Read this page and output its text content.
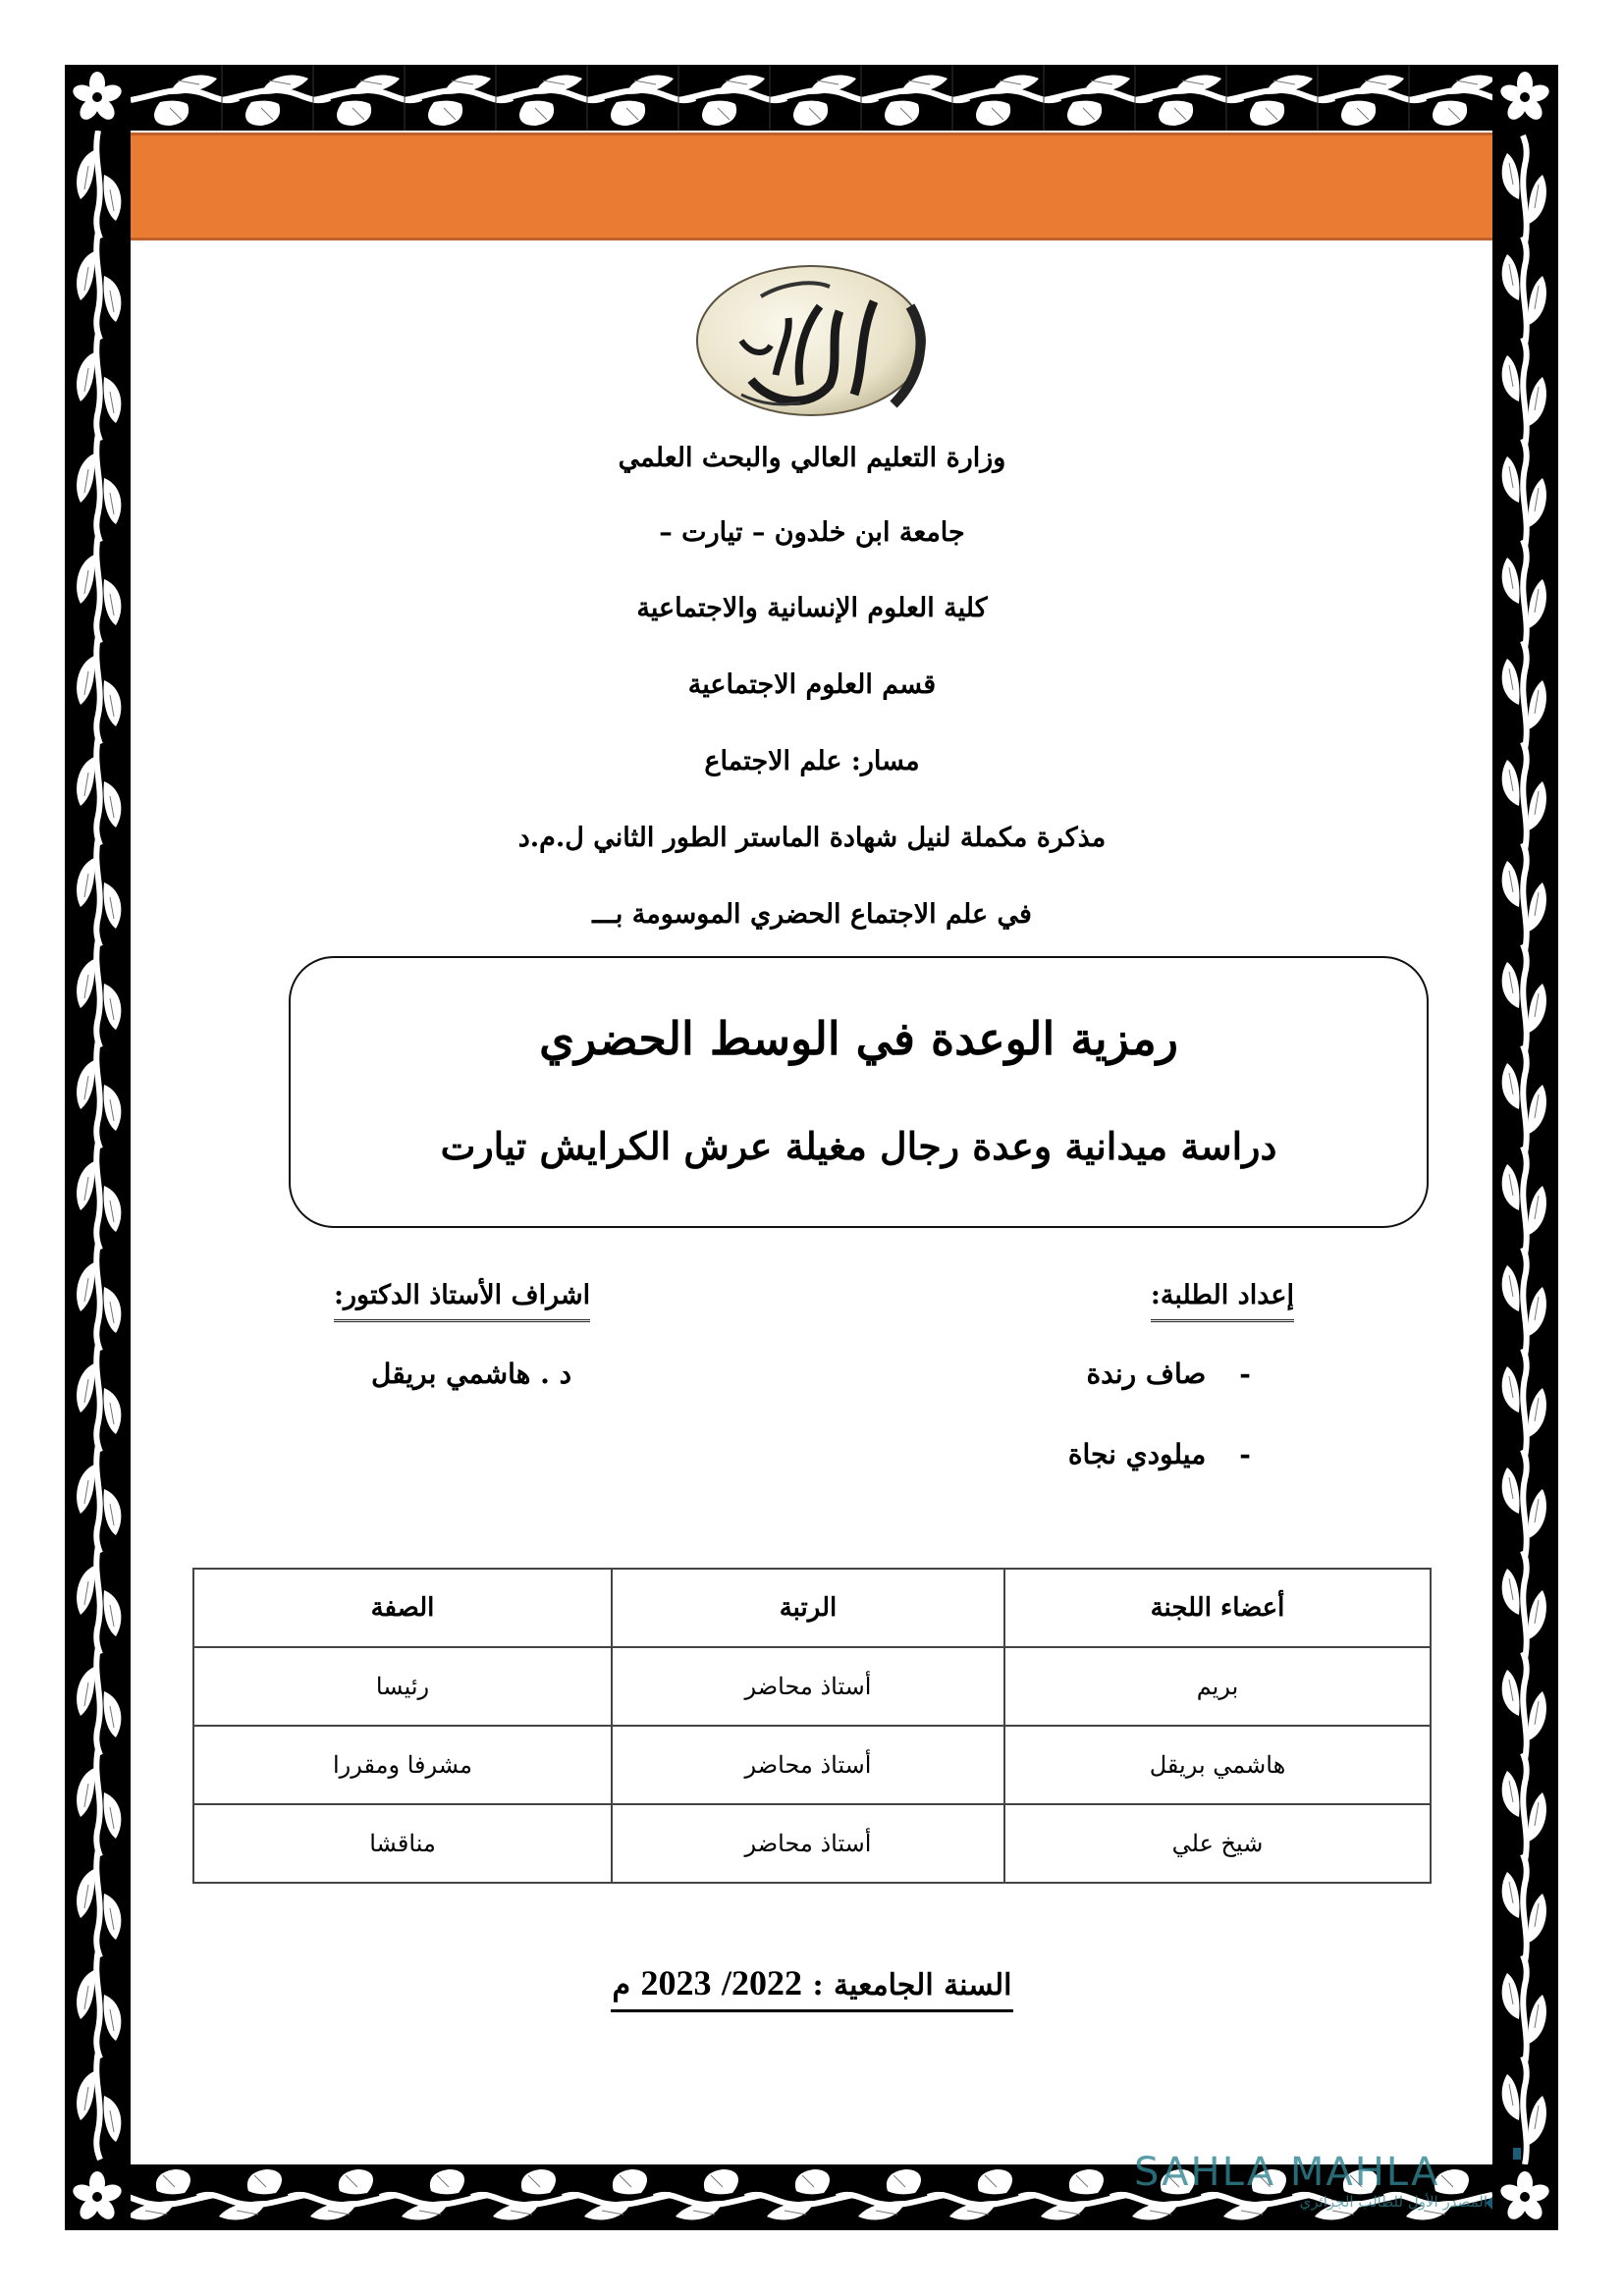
وزارة التعليم العالي والبحث العلمي
جامعة ابن خلدون – تيارت –
كلية العلوم الإنسانية والاجتماعية
قسم العلوم الاجتماعية
مسار: علم الاجتماع
مذكرة مكملة لنيل شهادة الماستر الطور الثاني ل.م.د
في علم الاجتماع الحضري الموسومة بـــ
رمزية الوعدة في الوسط الحضري
دراسة ميدانية وعدة رجال مغيلة عرش الكرايش تيارت
إعداد الطلبة:
- صاف رندة
- ميلودي نجاة
اشراف الأستاذ الدكتور:
د . هاشمي بريقل
أعضاء اللجنة	الرتبة	الصفة
بريم	أستاذ محاضر	رئيسا
هاشمي بريقل	أستاذ محاضر	مشرفا ومقررا
شيخ علي	أستاذ محاضر	مناقشا
السنة الجامعية : 2022/ 2023 م
SAHLA MAHLA
المصدر الأول للطالب الجزائري
